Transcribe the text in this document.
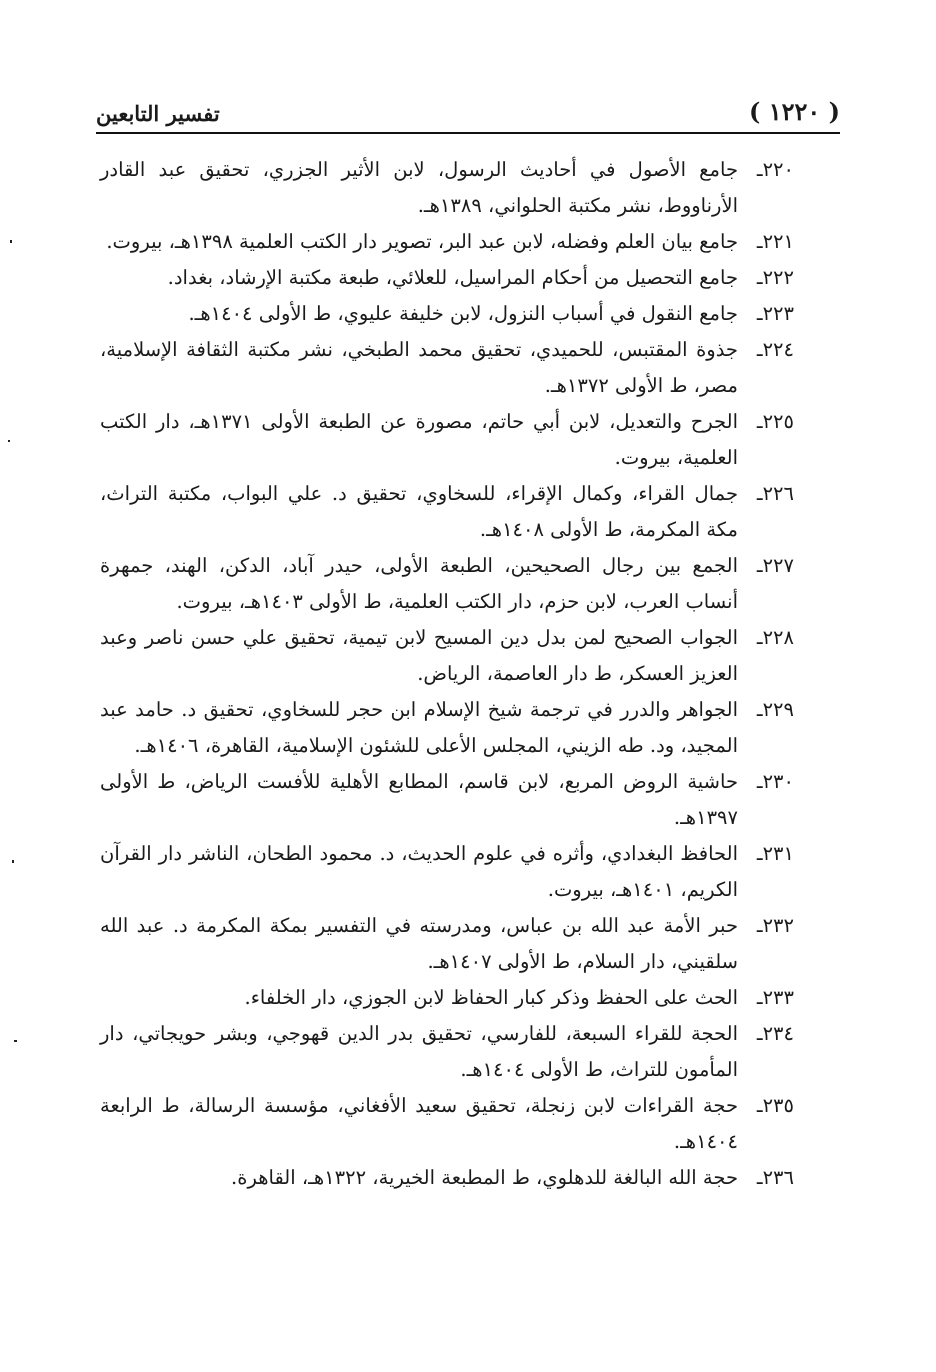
( ١٢٢٠ )
تفسير التابعين
٢٢٠ـ
جامع الأصول في أحاديث الرسول، لابن الأثير الجزري، تحقيق عبد القادر الأرناووط، نشر مكتبة الحلواني، ١٣٨٩هـ.
٢٢١ـ
جامع بيان العلم وفضله، لابن عبد البر، تصوير دار الكتب العلمية ١٣٩٨هـ، بيروت.
٢٢٢ـ
جامع التحصيل من أحكام المراسيل، للعلائي، طبعة مكتبة الإرشاد، بغداد.
٢٢٣ـ
جامع النقول في أسباب النزول، لابن خليفة عليوي، ط الأولى ١٤٠٤هـ.
٢٢٤ـ
جذوة المقتبس، للحميدي، تحقيق محمد الطبخي، نشر مكتبة الثقافة الإسلامية، مصر، ط الأولى ١٣٧٢هـ.
٢٢٥ـ
الجرح والتعديل، لابن أبي حاتم، مصورة عن الطبعة الأولى ١٣٧١هـ، دار الكتب العلمية، بيروت.
٢٢٦ـ
جمال القراء، وكمال الإقراء، للسخاوي، تحقيق د. علي البواب، مكتبة التراث، مكة المكرمة، ط الأولى ١٤٠٨هـ.
٢٢٧ـ
الجمع بين رجال الصحيحين، الطبعة الأولى، حيدر آباد، الدكن، الهند، جمهرة أنساب العرب، لابن حزم، دار الكتب العلمية، ط الأولى ١٤٠٣هـ، بيروت.
٢٢٨ـ
الجواب الصحيح لمن بدل دين المسيح لابن تيمية، تحقيق علي حسن ناصر وعبد العزيز العسكر، ط دار العاصمة، الرياض.
٢٢٩ـ
الجواهر والدرر في ترجمة شيخ الإسلام ابن حجر للسخاوي، تحقيق د. حامد عبد المجيد، ود. طه الزيني، المجلس الأعلى للشئون الإسلامية، القاهرة، ١٤٠٦هـ.
٢٣٠ـ
حاشية الروض المربع، لابن قاسم، المطابع الأهلية للأفست الرياض، ط الأولى ١٣٩٧هـ.
٢٣١ـ
الحافظ البغدادي، وأثره في علوم الحديث، د. محمود الطحان، الناشر دار القرآن الكريم، ١٤٠١هـ، بيروت.
٢٣٢ـ
حبر الأمة عبد الله بن عباس، ومدرسته في التفسير بمكة المكرمة د. عبد الله سلقيني، دار السلام، ط الأولى ١٤٠٧هـ.
٢٣٣ـ
الحث على الحفظ وذكر كبار الحفاظ لابن الجوزي، دار الخلفاء.
٢٣٤ـ
الحجة للقراء السبعة، للفارسي، تحقيق بدر الدين قهوجي، وبشر حويجاتي، دار المأمون للتراث، ط الأولى ١٤٠٤هـ.
٢٣٥ـ
حجة القراءات لابن زنجلة، تحقيق سعيد الأفغاني، مؤسسة الرسالة، ط الرابعة ١٤٠٤هـ.
٢٣٦ـ
حجة الله البالغة للدهلوي، ط المطبعة الخيرية، ١٣٢٢هـ، القاهرة.
